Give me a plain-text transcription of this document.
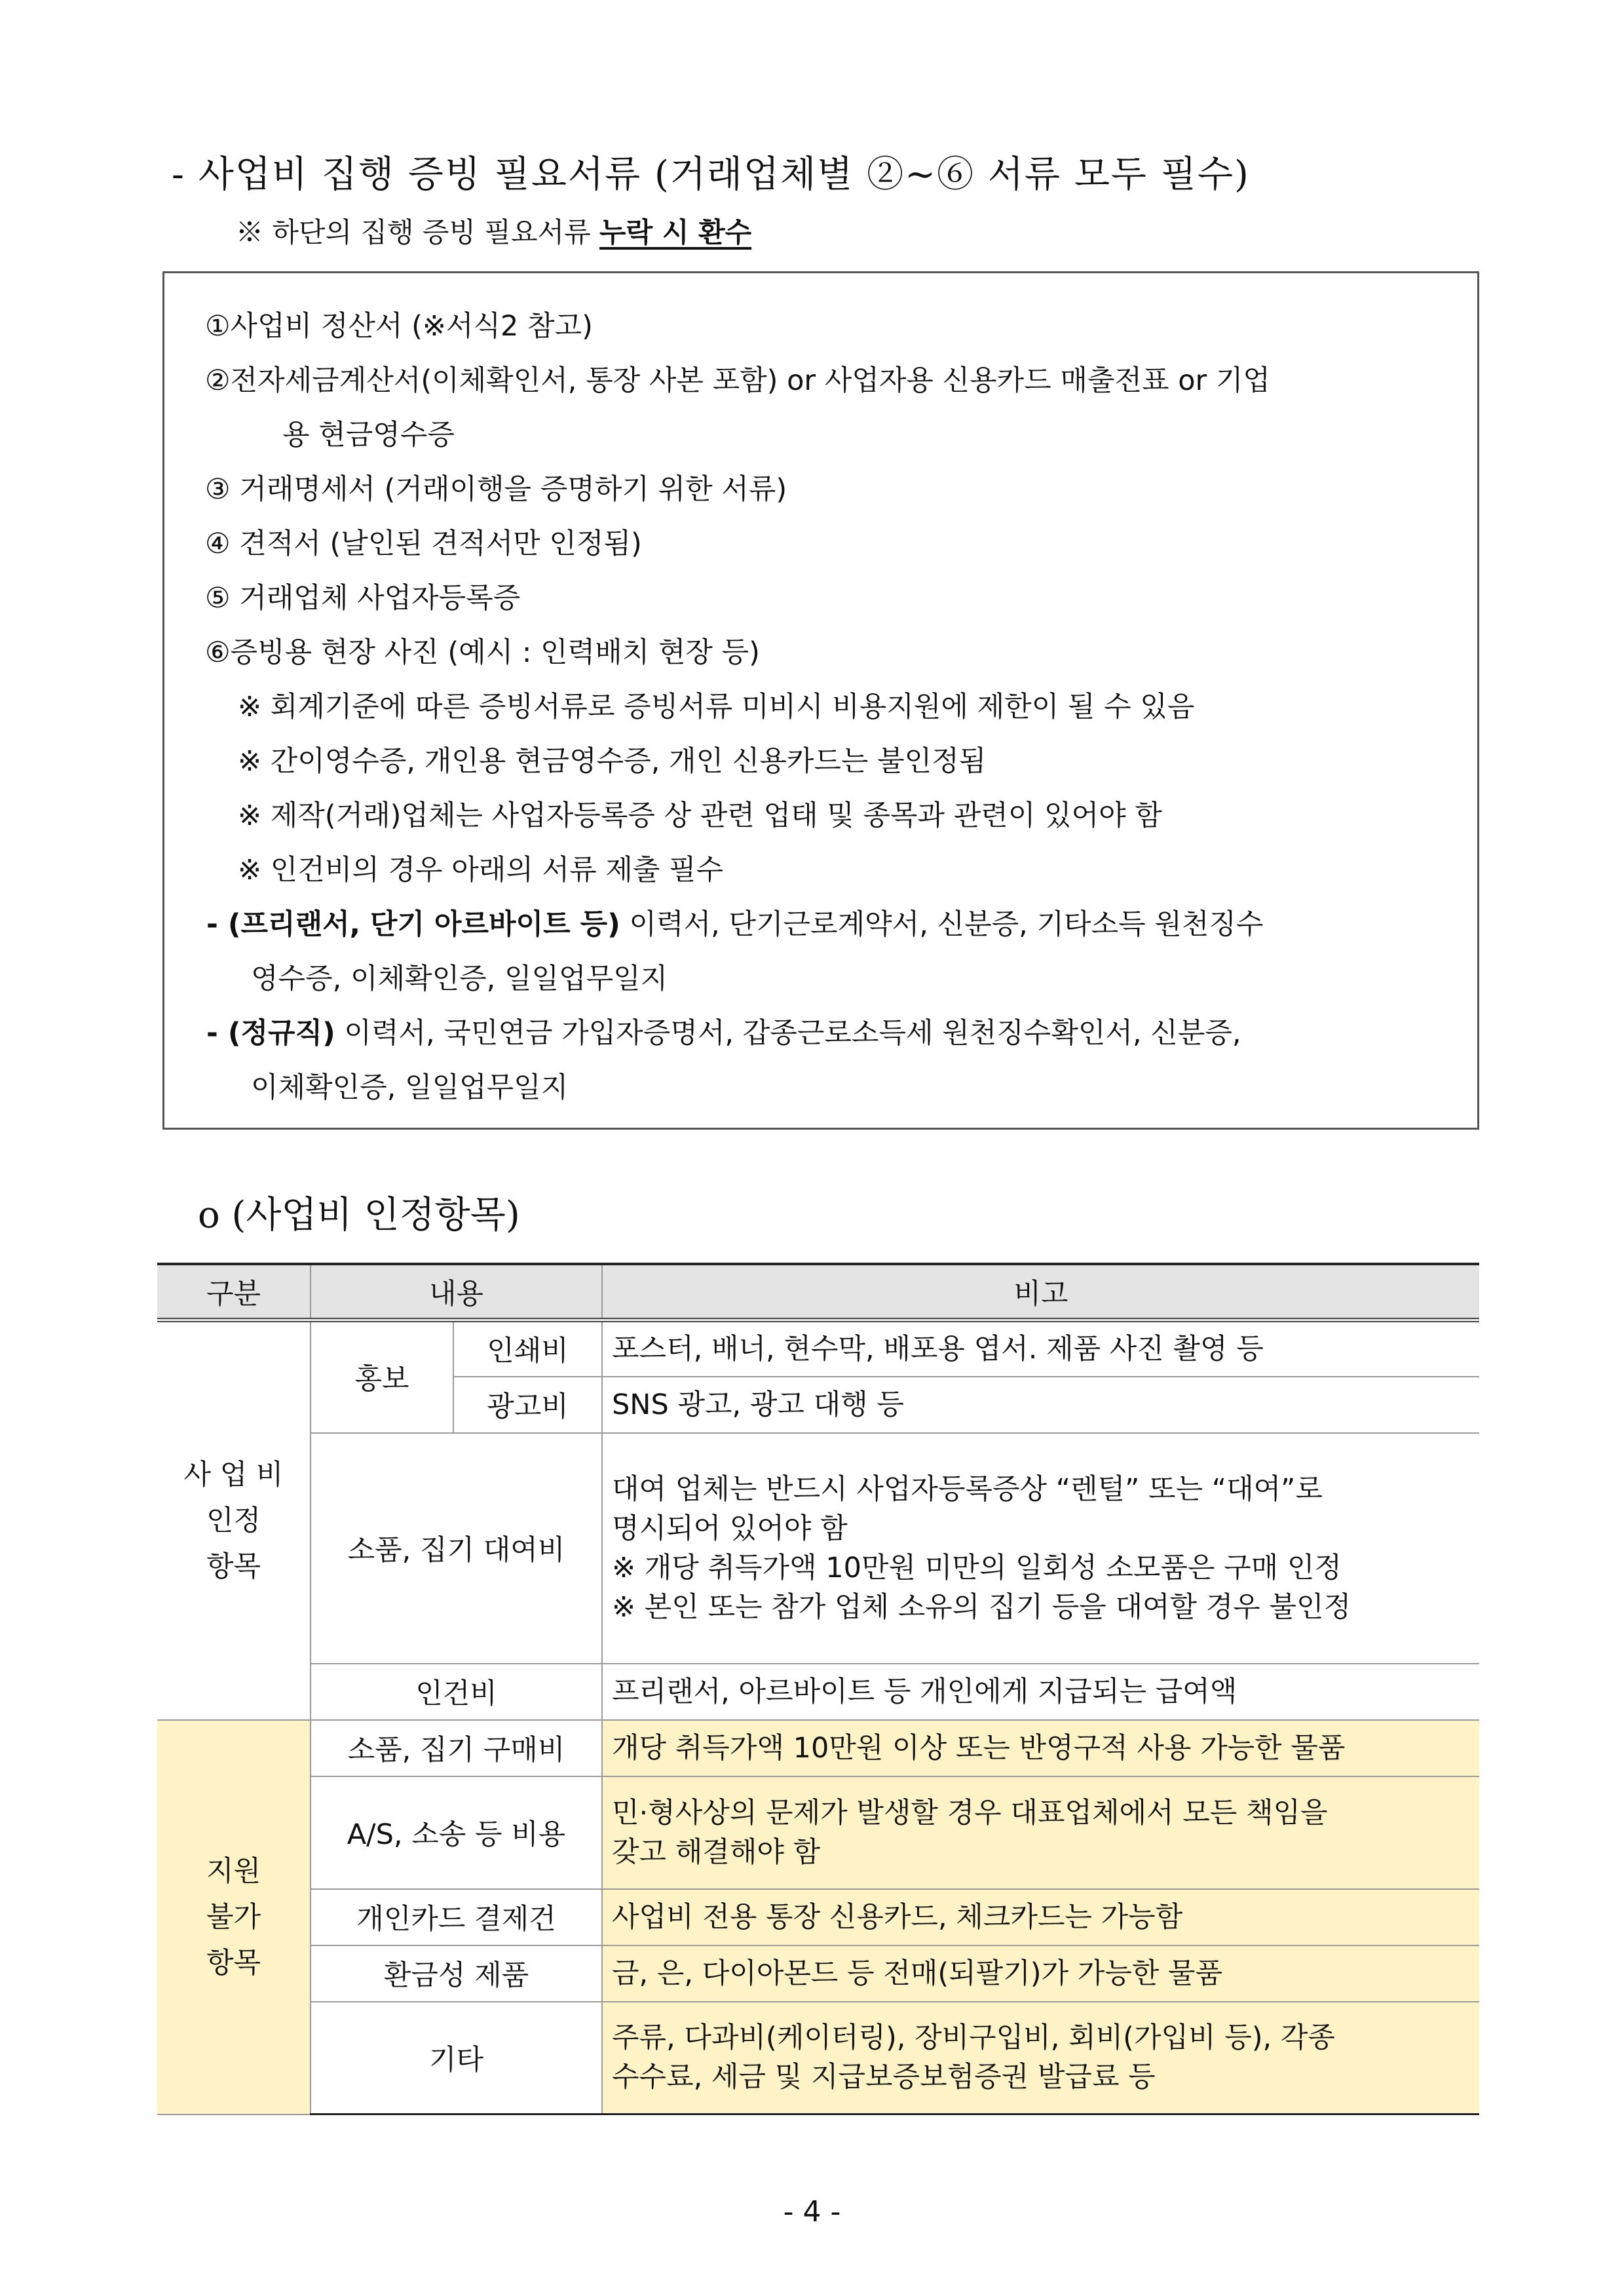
- 사업비 집행 증빙 필요서류 (거래업체별 ②~⑥ 서류 모두 필수)
※ 하단의 집행 증빙 필요서류 누락 시 환수
①사업비 정산서 (※서식2 참고)
②전자세금계산서(이체확인서, 통장 사본 포함) or 사업자용 신용카드 매출전표 or 기업
용 현금영수증
③ 거래명세서 (거래이행을 증명하기 위한 서류)
④ 견적서 (날인된 견적서만 인정됨)
⑤ 거래업체 사업자등록증
⑥증빙용 현장 사진 (예시 : 인력배치 현장 등)
※ 회계기준에 따른 증빙서류로 증빙서류 미비시 비용지원에 제한이 될 수 있음
※ 간이영수증, 개인용 현금영수증, 개인 신용카드는 불인정됨
※ 제작(거래)업체는 사업자등록증 상 관련 업태 및 종목과 관련이 있어야 함
※ 인건비의 경우 아래의 서류 제출 필수
- (프리랜서, 단기 아르바이트 등) 이력서, 단기근로계약서, 신분증, 기타소득 원천징수
영수증, 이체확인증, 일일업무일지
- (정규직) 이력서, 국민연금 가입자증명서, 갑종근로소득세 원천징수확인서, 신분증,
이체확인증, 일일업무일지
o (사업비 인정항목)
구분	내용		비고

사 업 비
인정
항목	홍보	인쇄비	포스터, 배너, 현수막, 배포용 엽서. 제품 사진 촬영 등
		광고비	SNS 광고, 광고 대행 등
	소품, 집기 대여비		대여 업체는 반드시 사업자등록증상 “렌털” 또는 “대여”로
명시되어 있어야 함
※ 개당 취득가액 10만원 미만의 일회성 소모품은 구매 인정
※ 본인 또는 참가 업체 소유의 집기 등을 대여할 경우 불인정

	인건비		프리랜서, 아르바이트 등 개인에게 지급되는 급여액

지원
불가
항목	소품, 집기 구매비		개당 취득가액 10만원 이상 또는 반영구적 사용 가능한 물품
	A/S, 소송 등 비용		민·형사상의 문제가 발생할 경우 대표업체에서 모든 책임을
갖고 해결해야 함

	개인카드 결제건		사업비 전용 통장 신용카드, 체크카드는 가능함
	환금성 제품		금, 은, 다이아몬드 등 전매(되팔기)가 가능한 물품
	기타		주류, 다과비(케이터링), 장비구입비, 회비(가입비 등), 각종
수수료, 세금 및 지급보증보험증권 발급료 등
- 4 -
